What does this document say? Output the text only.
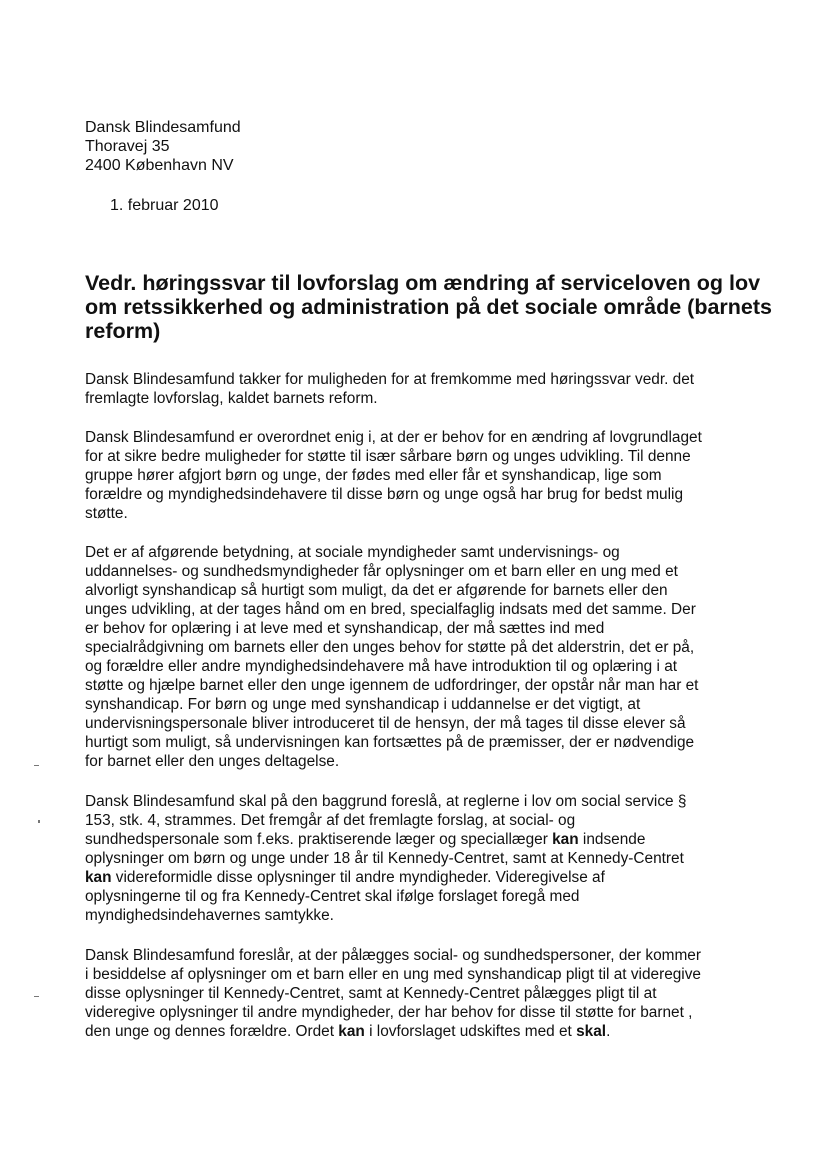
Dansk Blindesamfund
Thoravej 35
2400 København NV
1. februar 2010
Vedr. høringssvar til lovforslag om ændring af serviceloven og lov om retssikkerhed og administration på det sociale område (barnets reform)

Dansk Blindesamfund takker for muligheden for at fremkomme med høringssvar vedr. det
fremlagte lovforslag, kaldet barnets reform.

Dansk Blindesamfund er overordnet enig i, at der er behov for en ændring af lovgrundlaget
for at sikre bedre muligheder for støtte til især sårbare børn og unges udvikling. Til denne
gruppe hører afgjort børn og unge, der fødes med eller får et synshandicap, lige som
forældre og myndighedsindehavere til disse børn og unge også har brug for bedst mulig
støtte.

Det er af afgørende betydning, at sociale myndigheder samt undervisnings- og
uddannelses- og sundhedsmyndigheder får oplysninger om et barn eller en ung med et
alvorligt synshandicap så hurtigt som muligt, da det er afgørende for barnets eller den
unges udvikling, at der tages hånd om en bred, specialfaglig indsats med det samme. Der
er behov for oplæring i at leve med et synshandicap, der må sættes ind med
specialrådgivning om barnets eller den unges behov for støtte på det alderstrin, det er på,
og forældre eller andre myndighedsindehavere må have introduktion til og oplæring i at
støtte og hjælpe barnet eller den unge igennem de udfordringer, der opstår når man har et
synshandicap. For børn og unge med synshandicap i uddannelse er det vigtigt, at
undervisningspersonale bliver introduceret til de hensyn, der må tages til disse elever så
hurtigt som muligt, så undervisningen kan fortsættes på de præmisser, der er nødvendige
for barnet eller den unges deltagelse.

Dansk Blindesamfund skal på den baggrund foreslå, at reglerne i lov om social service §
153, stk. 4, strammes. Det fremgår af det fremlagte forslag, at social- og
sundhedspersonale som f.eks. praktiserende læger og speciallæger kan indsende
oplysninger om børn og unge under 18 år til Kennedy-Centret, samt at Kennedy-Centret
kan videreformidle disse oplysninger til andre myndigheder. Videregivelse af
oplysningerne til og fra Kennedy-Centret skal ifølge forslaget foregå med
myndighedsindehavernes samtykke.

Dansk Blindesamfund foreslår, at der pålægges social- og sundhedspersoner, der kommer
i besiddelse af oplysninger om et barn eller en ung med synshandicap pligt til at videregive
disse oplysninger til Kennedy-Centret, samt at Kennedy-Centret pålægges pligt til at
videregive oplysninger til andre myndigheder, der har behov for disse til støtte for barnet ,
den unge og dennes forældre. Ordet kan i lovforslaget udskiftes med et skal.
